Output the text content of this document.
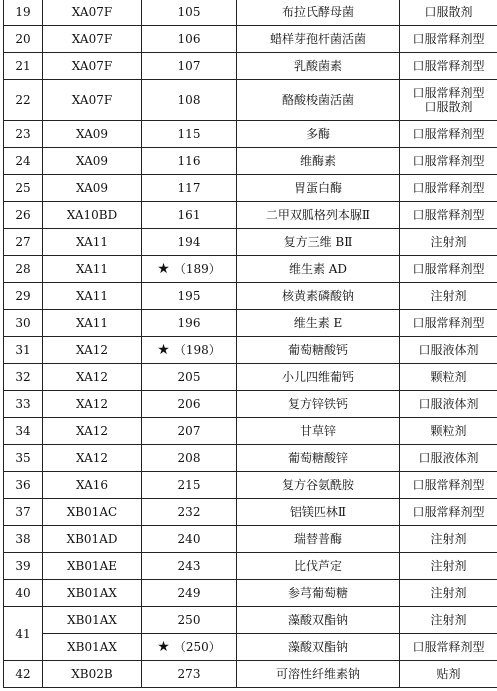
19	XA07F	105	布拉氏酵母菌	口服散剂

20	XA07F	106	蜡样芽孢杆菌活菌	口服常释剂型

21	XA07F	107	乳酸菌素	口服常释剂型

22	XA07F	108	酪酸梭菌活菌	口服常释剂型
口服散剂

23	XA09	115	多酶	口服常释剂型

24	XA09	116	维酶素	口服常释剂型

25	XA09	117	胃蛋白酶	口服常释剂型

26	XA10BD	161	二甲双胍格列本脲Ⅱ	口服常释剂型

27	XA11	194	复方三维 BⅡ	注射剂

28	XA11	★ （189）	维生素 AD	口服常释剂型

29	XA11	195	核黄素磷酸钠	注射剂

30	XA11	196	维生素 E	口服常释剂型

31	XA12	★ （198）	葡萄糖酸钙	口服液体剂

32	XA12	205	小儿四维葡钙	颗粒剂

33	XA12	206	复方锌铁钙	口服液体剂

34	XA12	207	甘草锌	颗粒剂

35	XA12	208	葡萄糖酸锌	口服液体剂

36	XA16	215	复方谷氨酰胺	口服常释剂型

37	XB01AC	232	铝镁匹林Ⅱ	口服常释剂型

38	XB01AD	240	瑞替普酶	注射剂

39	XB01AE	243	比伐芦定	注射剂

40	XB01AX	249	参芎葡萄糖	注射剂

41	XB01AX	250	藻酸双酯钠	注射剂

	XB01AX	★ （250）	藻酸双酯钠	口服常释剂型

42	XB02B	273	可溶性纤维素钠	贴剂
